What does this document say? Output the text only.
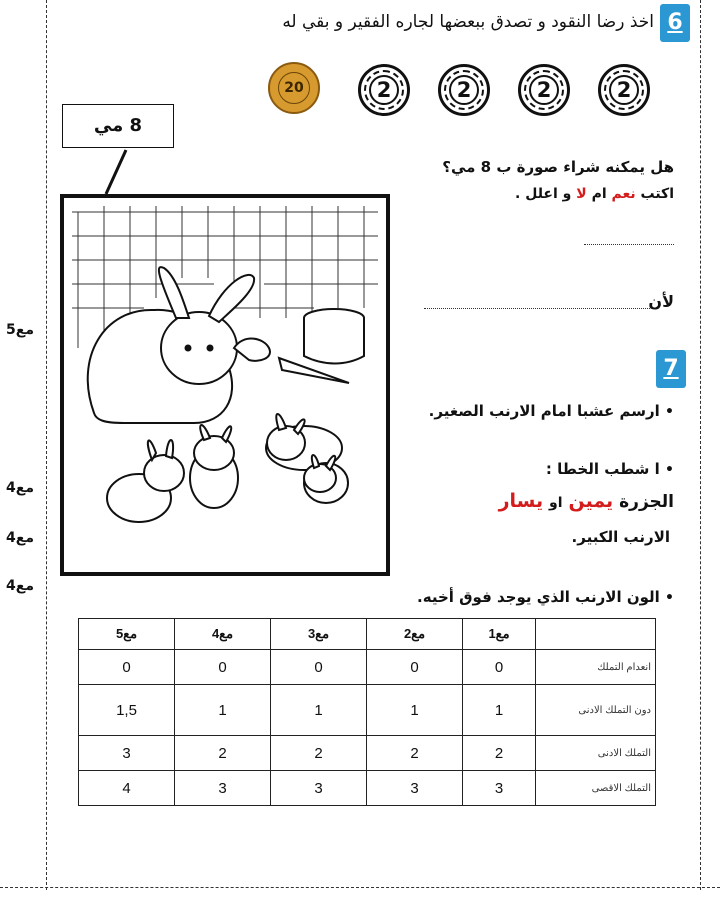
6
اخذ رضا النقود و تصدق ببعضها لجاره الفقير و بقي له
20	2	2	2	2
8 مي
هل يمكنه شراء صورة ب 8 مي؟
اكتب نعم ام لا و اعلل .
لأن
7
• ارسم عشبا امام الارنب الصغير.
• ا شطب الخطا :
الجزرة يمين او يسار
الارنب الكبير.
• الون الارنب الذي يوجد فوق أخيه.
مع5
مع4
مع4
مع4
مع5	مع4	مع3	مع2	مع1	
0	0	0	0	0	انعدام التملك
1,5	1	1	1	1	دون التملك الادنى
3	2	2	2	2	التملك الادنى
4	3	3	3	3	التملك الاقصى
